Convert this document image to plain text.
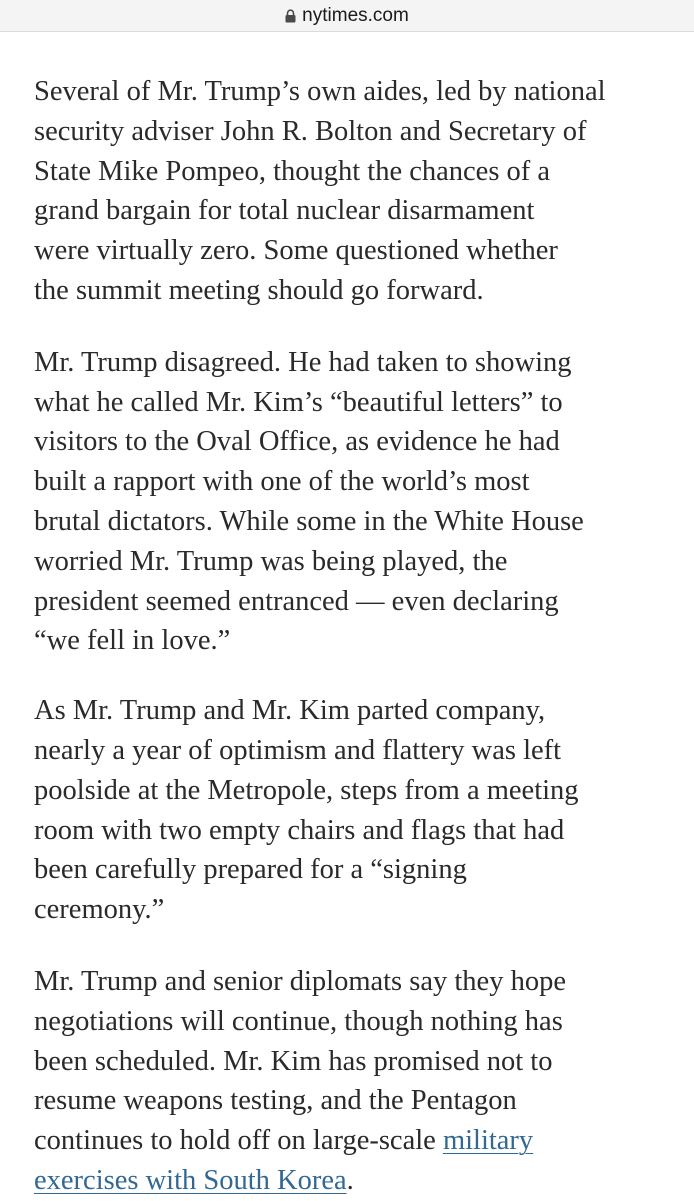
nytimes.com

Several of Mr. Trump’s own aides, led by national
security adviser John R. Bolton and Secretary of
State Mike Pompeo, thought the chances of a
grand bargain for total nuclear disarmament
were virtually zero. Some questioned whether
the summit meeting should go forward.

Mr. Trump disagreed. He had taken to showing
what he called Mr. Kim’s “beautiful letters” to
visitors to the Oval Office, as evidence he had
built a rapport with one of the world’s most
brutal dictators. While some in the White House
worried Mr. Trump was being played, the
president seemed entranced — even declaring
“we fell in love.”

As Mr. Trump and Mr. Kim parted company,
nearly a year of optimism and flattery was left
poolside at the Metropole, steps from a meeting
room with two empty chairs and flags that had
been carefully prepared for a “signing
ceremony.”

Mr. Trump and senior diplomats say they hope
negotiations will continue, though nothing has
been scheduled. Mr. Kim has promised not to
resume weapons testing, and the Pentagon
continues to hold off on large-scale military
exercises with South Korea.
